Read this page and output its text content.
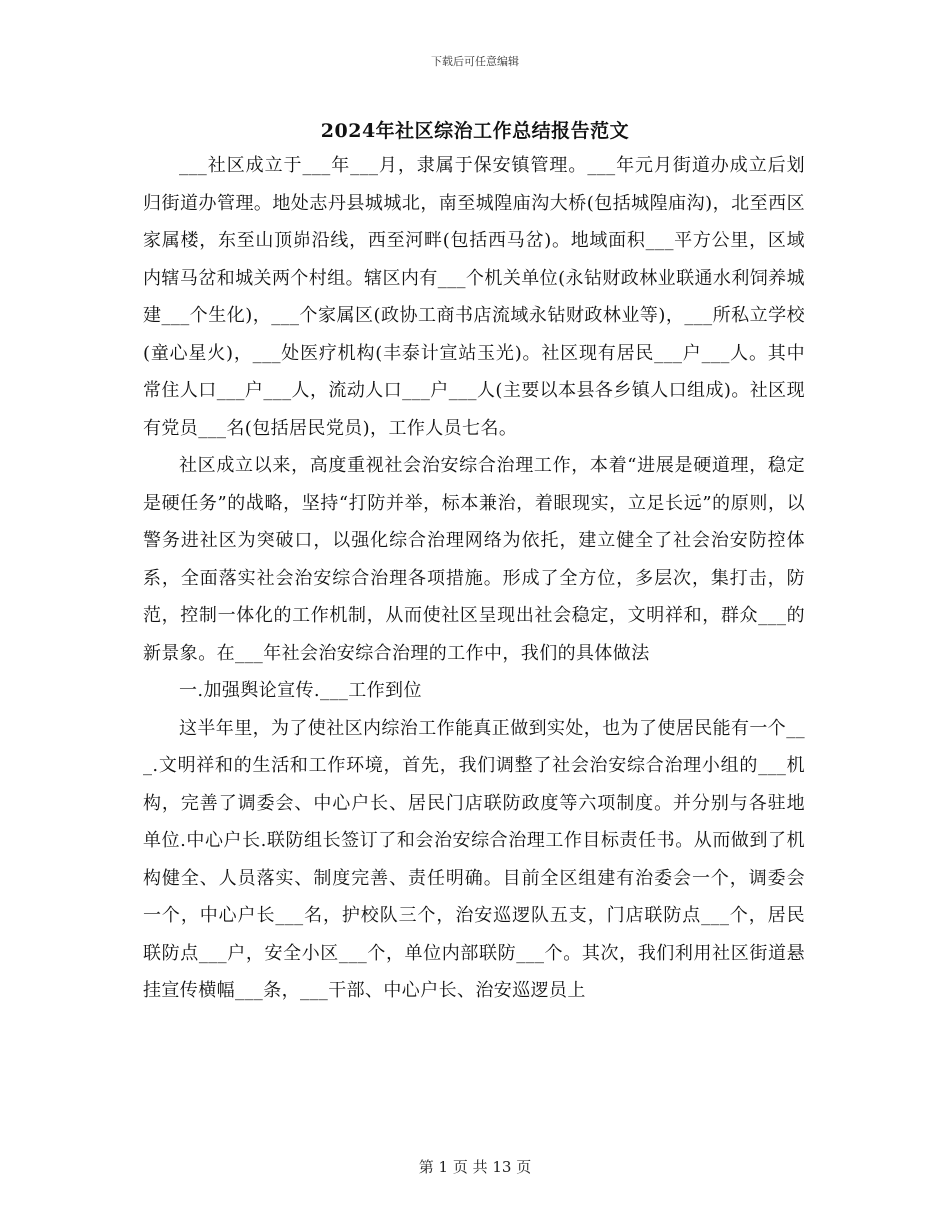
下载后可任意编辑
2024年社区综治工作总结报告范文

___社区成立于___年___月，隶属于保安镇管理。___年元月街道办成立后划归街道办管理。地处志丹县城城北，南至城隍庙沟大桥(包括城隍庙沟)，北至西区家属楼，东至山顶峁沿线，西至河畔(包括西马岔)。地域面积___平方公里，区域内辖马岔和城关两个村组。辖区内有___个机关单位(永钻财政林业联通水利饲养城建___个生化)，___个家属区(政协工商书店流域永钻财政林业等)，___所私立学校(童心星火)，___处医疗机构(丰泰计宣站玉光)。社区现有居民___户___人。其中常住人口___户___人，流动人口___户___人(主要以本县各乡镇人口组成)。社区现有党员___名(包括居民党员)，工作人员七名。

社区成立以来，高度重视社会治安综合治理工作，本着“进展是硬道理，稳定是硬任务”的战略，坚持“打防并举，标本兼治，着眼现实，立足长远”的原则，以警务进社区为突破口，以强化综合治理网络为依托，建立健全了社会治安防控体系，全面落实社会治安综合治理各项措施。形成了全方位，多层次，集打击，防范，控制一体化的工作机制，从而使社区呈现出社会稳定，文明祥和，群众___的新景象。在___年社会治安综合治理的工作中，我们的具体做法

一.加强舆论宣传.___工作到位

这半年里，为了使社区内综治工作能真正做到实处，也为了使居民能有一个___.文明祥和的生活和工作环境，首先，我们调整了社会治安综合治理小组的___机构，完善了调委会、中心户长、居民门店联防政度等六项制度。并分别与各驻地单位.中心户长.联防组长签订了和会治安综合治理工作目标责任书。从而做到了机构健全、人员落实、制度完善、责任明确。目前全区组建有治委会一个，调委会一个，中心户长___名，护校队三个，治安巡逻队五支，门店联防点___个，居民联防点___户，安全小区___个，单位内部联防___个。其次，我们利用社区街道悬挂宣传横幅___条，___干部、中心户长、治安巡逻员上

第 1 页 共 13 页
